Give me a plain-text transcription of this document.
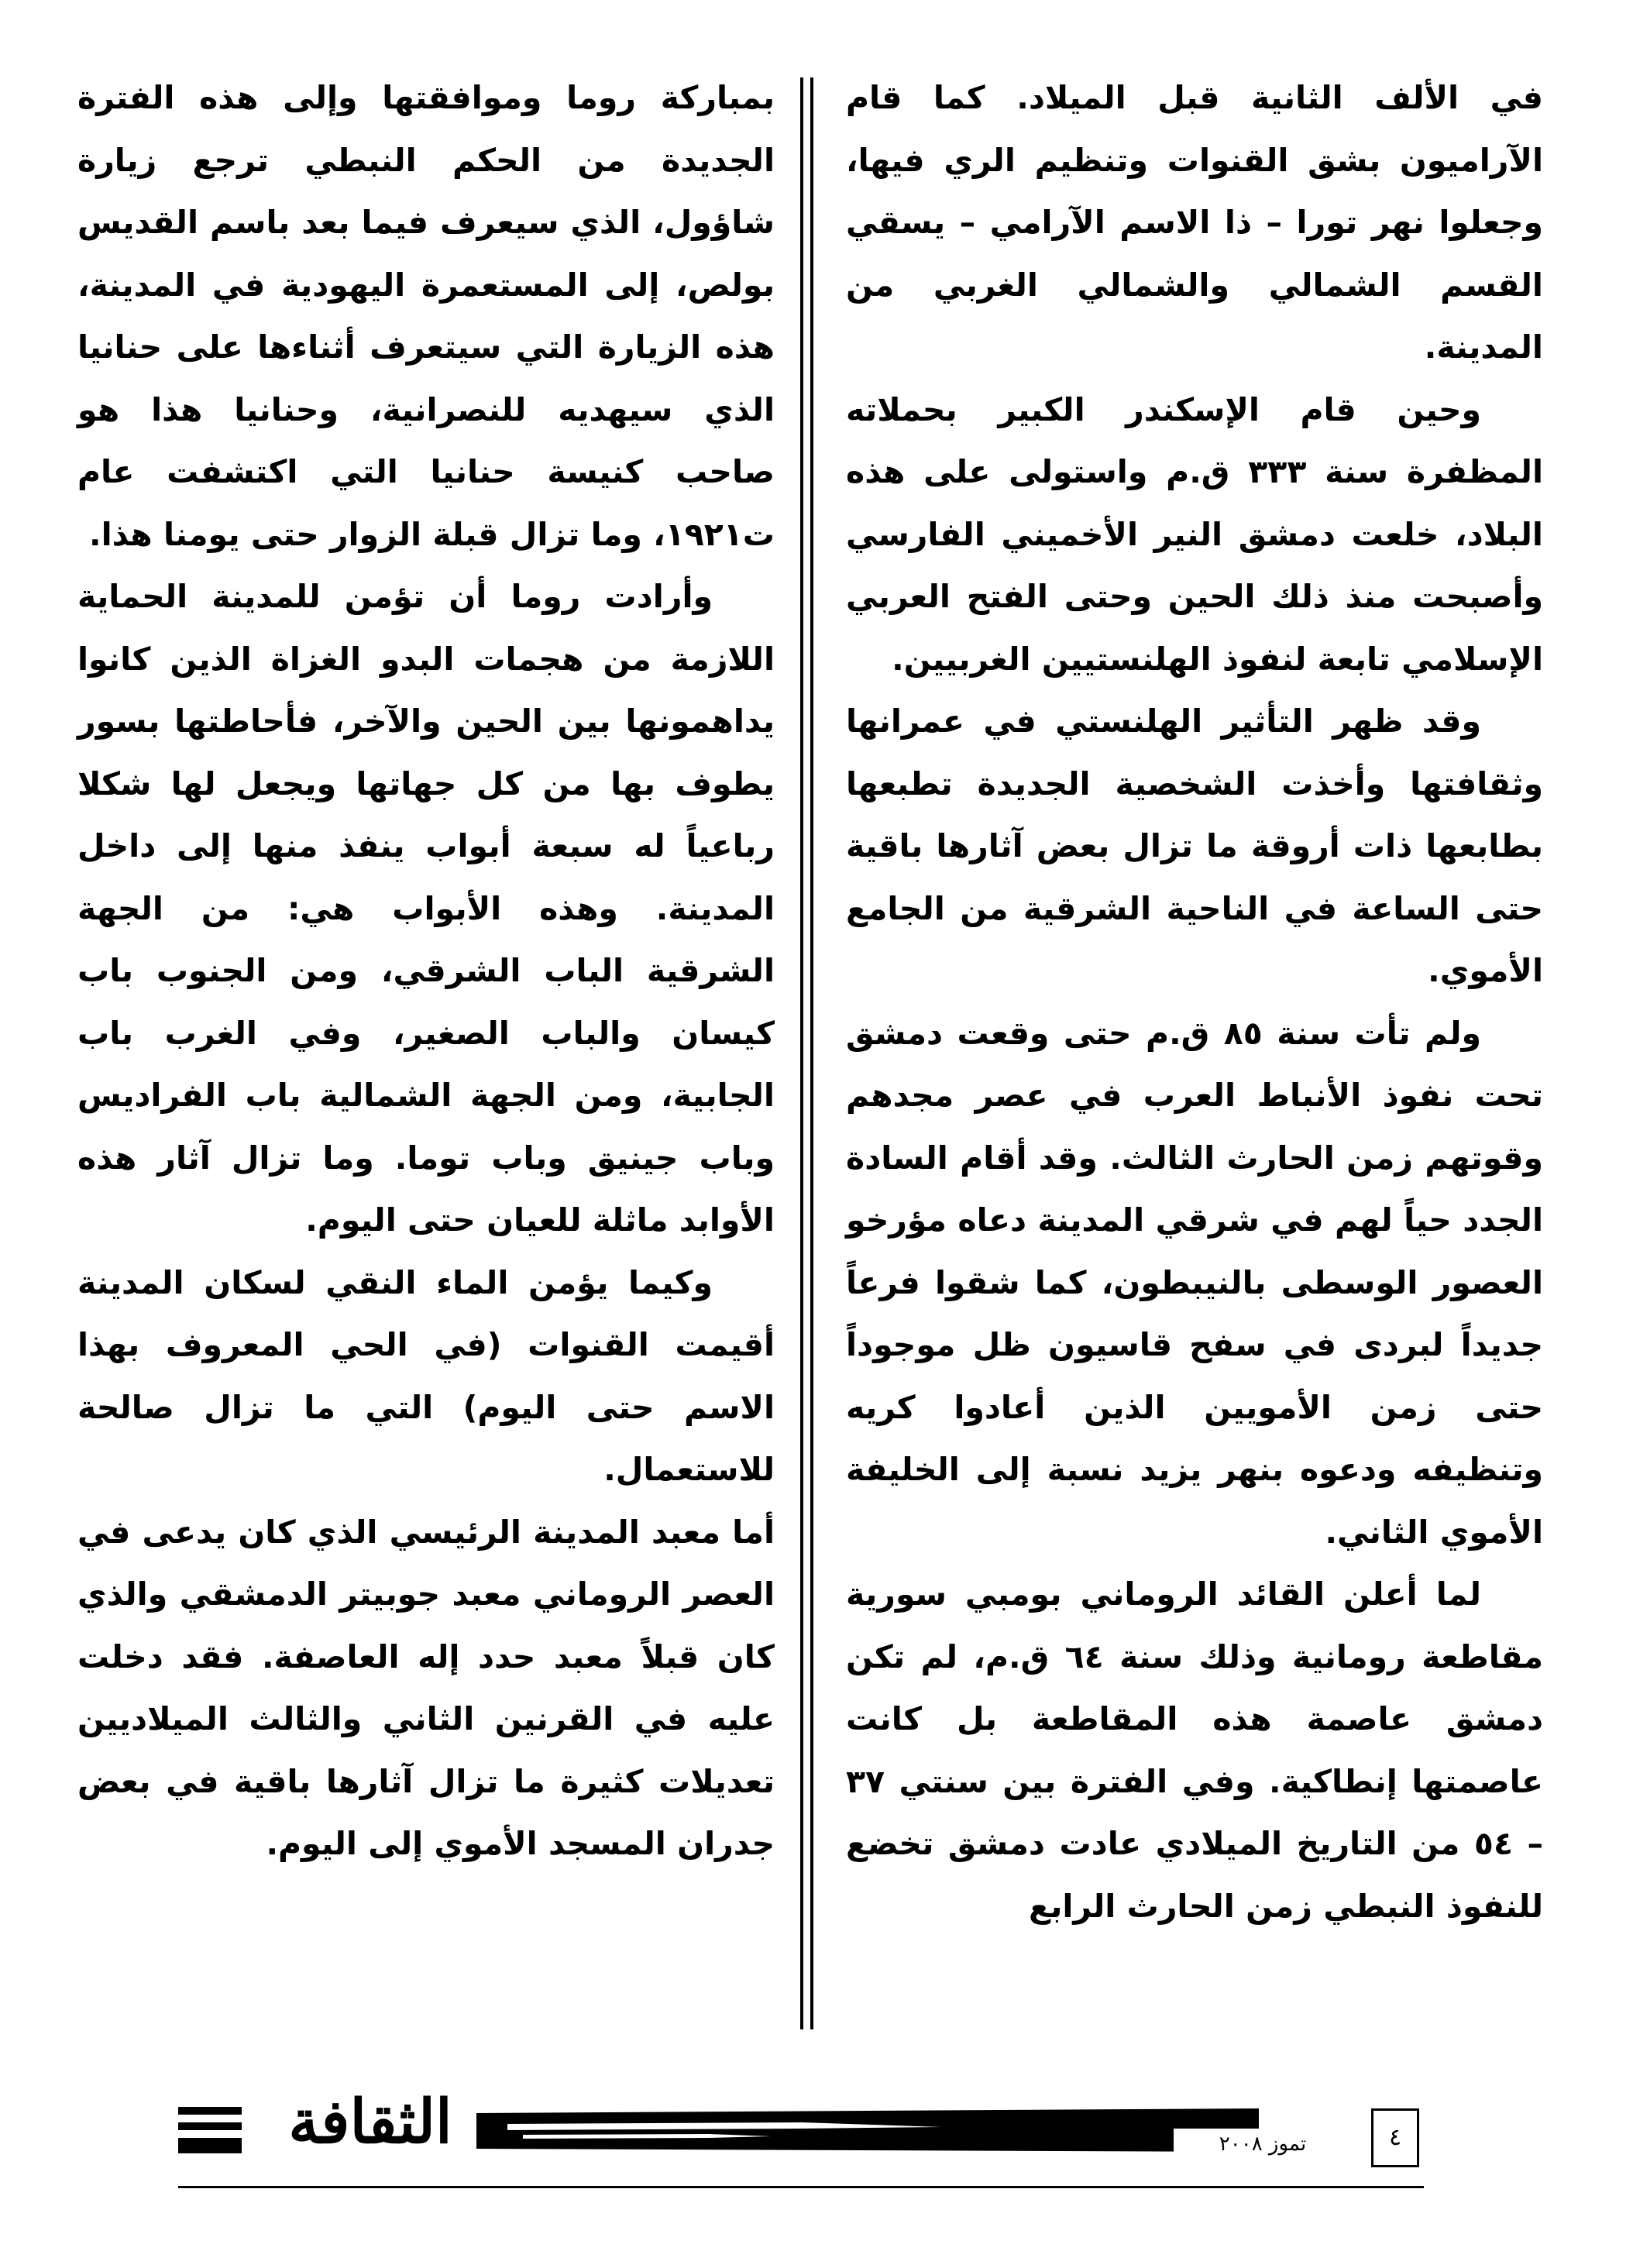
في الألف الثانية قبل الميلاد. كما قام الآراميون بشق القنوات وتنظيم الري فيها، وجعلوا نهر تورا – ذا الاسم الآرامي – يسقي القسم الشمالي والشمالي الغربي من المدينة.

وحين قام الإسكندر الكبير بحملاته المظفرة سنة ٣٣٣ ق.م واستولى على هذه البلاد، خلعت دمشق النير الأخميني الفارسي وأصبحت منذ ذلك الحين وحتى الفتح العربي الإسلامي تابعة لنفوذ الهلنستيين الغربيين.

وقد ظهر التأثير الهلنستي في عمرانها وثقافتها وأخذت الشخصية الجديدة تطبعها بطابعها ذات أروقة ما تزال بعض آثارها باقية حتى الساعة في الناحية الشرقية من الجامع الأموي.

ولم تأت سنة ٨٥ ق.م حتى وقعت دمشق تحت نفوذ الأنباط العرب في عصر مجدهم وقوتهم زمن الحارث الثالث. وقد أقام السادة الجدد حياً لهم في شرقي المدينة دعاه مؤرخو العصور الوسطى بالنيبطون، كما شقوا فرعاً جديداً لبردى في سفح قاسيون ظل موجوداً حتى زمن الأمويين الذين أعادوا كريه وتنظيفه ودعوه بنهر يزيد نسبة إلى الخليفة الأموي الثاني.

لما أعلن القائد الروماني بومبي سورية مقاطعة رومانية وذلك سنة ٦٤ ق.م، لم تكن دمشق عاصمة هذه المقاطعة بل كانت عاصمتها إنطاكية. وفي الفترة بين سنتي ٣٧ – ٥٤ من التاريخ الميلادي عادت دمشق تخضع للنفوذ النبطي زمن الحارث الرابع

بمباركة روما وموافقتها وإلى هذه الفترة الجديدة من الحكم النبطي ترجع زيارة شاؤول، الذي سيعرف فيما بعد باسم القديس بولص، إلى المستعمرة اليهودية في المدينة، هذه الزيارة التي سيتعرف أثناءها على حنانيا الذي سيهديه للنصرانية، وحنانيا هذا هو صاحب كنيسة حنانيا التي اكتشفت عام ت١٩٢١، وما تزال قبلة الزوار حتى يومنا هذا.

وأرادت روما أن تؤمن للمدينة الحماية اللازمة من هجمات البدو الغزاة الذين كانوا يداهمونها بين الحين والآخر، فأحاطتها بسور يطوف بها من كل جهاتها ويجعل لها شكلا رباعياً له سبعة أبواب ينفذ منها إلى داخل المدينة. وهذه الأبواب هي: من الجهة الشرقية الباب الشرقي، ومن الجنوب باب كيسان والباب الصغير، وفي الغرب باب الجابية، ومن الجهة الشمالية باب الفراديس وباب جينيق وباب توما. وما تزال آثار هذه الأوابد ماثلة للعيان حتى اليوم.

وكيما يؤمن الماء النقي لسكان المدينة أقيمت القنوات (في الحي المعروف بهذا الاسم حتى اليوم) التي ما تزال صالحة للاستعمال.

أما معبد المدينة الرئيسي الذي كان يدعى في العصر الروماني معبد جوبيتر الدمشقي والذي كان قبلاً معبد حدد إله العاصفة. فقد دخلت عليه في القرنين الثاني والثالث الميلاديين تعديلات كثيرة ما تزال آثارها باقية في بعض جدران المسجد الأموي إلى اليوم.

الثقافة	تموز ٢٠٠٨	٤
